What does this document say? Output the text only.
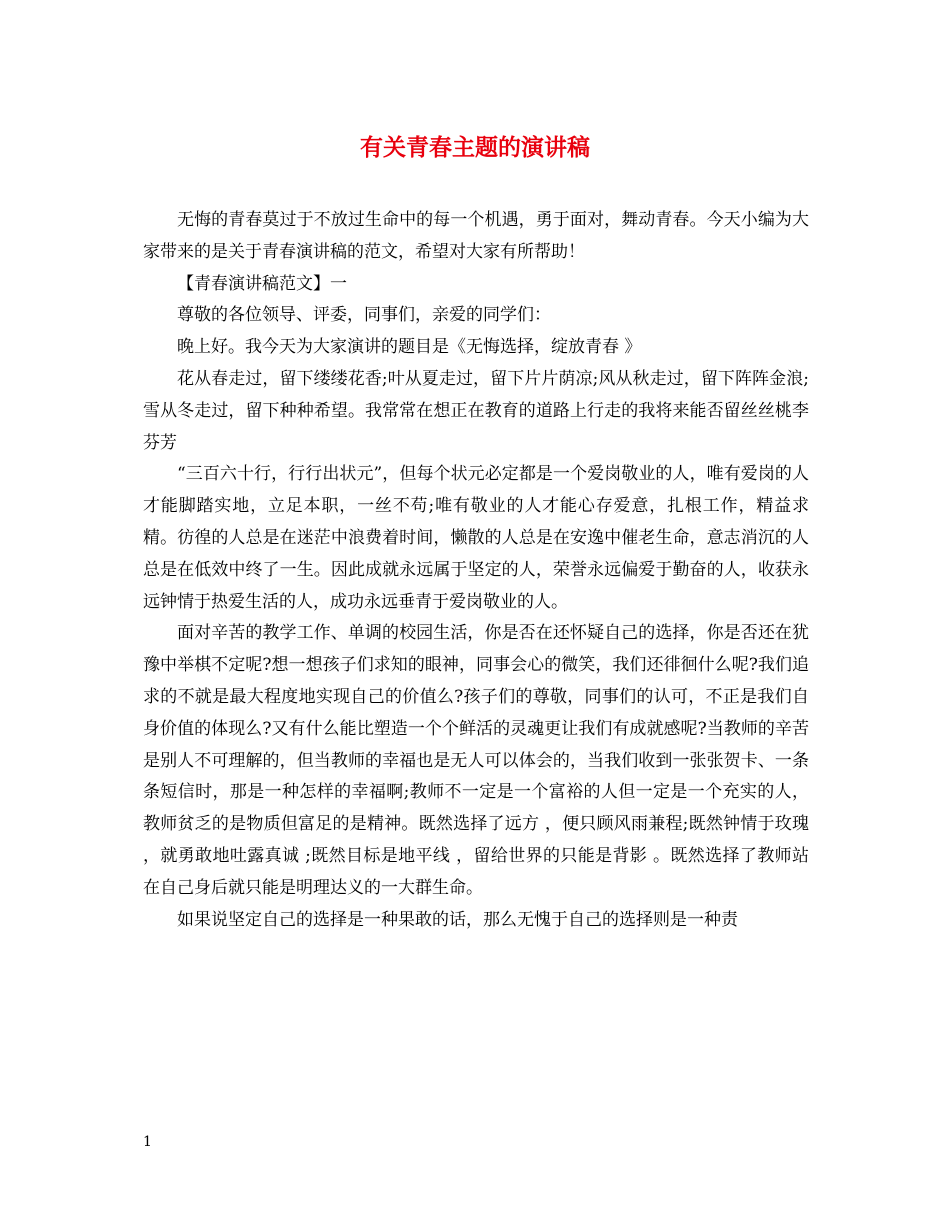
有关青春主题的演讲稿

无悔的青春莫过于不放过生命中的每一个机遇，勇于面对，舞动青春。今天小编为大家带来的是关于青春演讲稿的范文，希望对大家有所帮助！

【青春演讲稿范文】一

尊敬的各位领导、评委，同事们，亲爱的同学们：

晚上好。我今天为大家演讲的题目是《无悔选择，绽放青春 》

花从春走过，留下缕缕花香;叶从夏走过，留下片片荫凉;风从秋走过，留下阵阵金浪;雪从冬走过，留下种种希望。我常常在想正在教育的道路上行走的我将来能否留丝丝桃李芬芳

“三百六十行，行行出状元”，但每个状元必定都是一个爱岗敬业的人，唯有爱岗的人才能脚踏实地，立足本职，一丝不苟;唯有敬业的人才能心存爱意，扎根工作，精益求精。彷徨的人总是在迷茫中浪费着时间，懒散的人总是在安逸中催老生命，意志消沉的人总是在低效中终了一生。因此成就永远属于坚定的人，荣誉永远偏爱于勤奋的人，收获永远钟情于热爱生活的人，成功永远垂青于爱岗敬业的人。

面对辛苦的教学工作、单调的校园生活，你是否在还怀疑自己的选择，你是否还在犹豫中举棋不定呢?想一想孩子们求知的眼神，同事会心的微笑，我们还徘徊什么呢?我们追求的不就是最大程度地实现自己的价值么?孩子们的尊敬，同事们的认可，不正是我们自身价值的体现么?又有什么能比塑造一个个鲜活的灵魂更让我们有成就感呢?当教师的辛苦是别人不可理解的，但当教师的幸福也是无人可以体会的，当我们收到一张张贺卡、一条条短信时，那是一种怎样的幸福啊;教师不一定是一个富裕的人但一定是一个充实的人，教师贫乏的是物质但富足的是精神。既然选择了远方 ，便只顾风雨兼程;既然钟情于玫瑰 ，就勇敢地吐露真诚 ;既然目标是地平线 ，留给世界的只能是背影 。既然选择了教师站在自己身后就只能是明理达义的一大群生命。

如果说坚定自己的选择是一种果敢的话，那么无愧于自己的选择则是一种责

1
